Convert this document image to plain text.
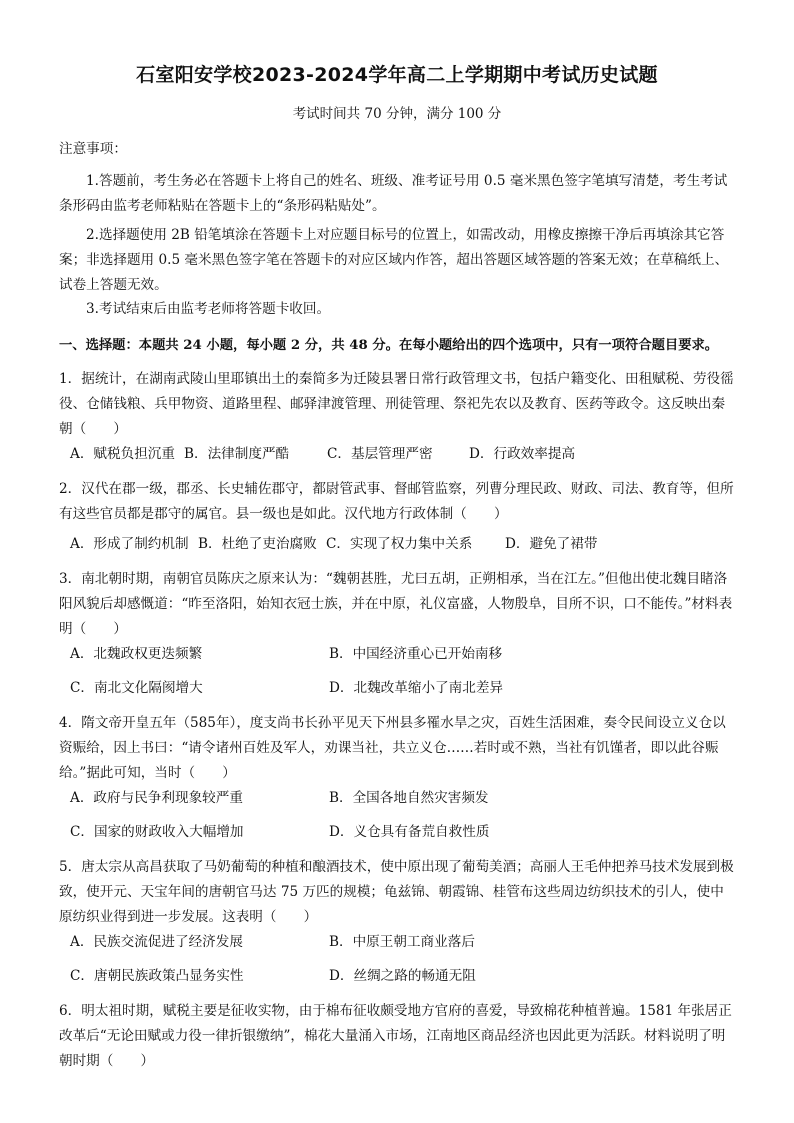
石室阳安学校2023-2024学年高二上学期期中考试历史试题
考试时间共 70 分钟，满分 100 分
注意事项：
1.答题前，考生务必在答题卡上将自己的姓名、班级、准考证号用 0.5 毫米黑色签字笔填写清楚，考生考试条形码由监考老师粘贴在答题卡上的“条形码粘贴处”。
2.选择题使用 2B 铅笔填涂在答题卡上对应题目标号的位置上，如需改动，用橡皮擦擦干净后再填涂其它答案；非选择题用 0.5 毫米黑色签字笔在答题卡的对应区域内作答，超出答题区域答题的答案无效；在草稿纸上、试卷上答题无效。
3.考试结束后由监考老师将答题卡收回。
一、选择题：本题共 24 小题，每小题 2 分，共 48 分。在每小题给出的四个选项中，只有一项符合题目要求。
1．据统计，在湖南武陵山里耶镇出土的秦简多为迁陵县署日常行政管理文书，包括户籍变化、田租赋税、劳役徭役、仓储钱粮、兵甲物资、道路里程、邮驿津渡管理、刑徒管理、祭祀先农以及教育、医药等政令。这反映出秦朝（　　）
A．赋税负担沉重 B．法律制度严酷	C．基层管理严密	D．行政效率提高
2．汉代在郡一级，郡丞、长史辅佐郡守，都尉管武事、督邮管监察，列曹分理民政、财政、司法、教育等，但所有这些官员都是郡守的属官。县一级也是如此。汉代地方行政体制（　　）
A．形成了制约机制 B．杜绝了吏治腐败 C．实现了权力集中关系 D．避免了裙带
3．南北朝时期，南朝官员陈庆之原来认为：“魏朝甚胜，尤曰五胡，正朔相承，当在江左。”但他出使北魏目睹洛阳风貌后却感慨道：“昨至洛阳，始知衣冠士族，并在中原，礼仪富盛，人物殷阜，目所不识，口不能传。”材料表明（　　）
A．北魏政权更迭频繁	B．中国经济重心已开始南移
C．南北文化隔阂增大	D．北魏改革缩小了南北差异
4．隋文帝开皇五年（585年），度支尚书长孙平见天下州县多罹水旱之灾，百姓生活困难，奏令民间设立义仓以资赈给，因上书曰：“请令诸州百姓及军人，劝课当社，共立义仓……若时或不熟，当社有饥馑者，即以此谷赈给。”据此可知，当时（　　）
A．政府与民争利现象较严重	B．全国各地自然灾害频发
C．国家的财政收入大幅增加	D．义仓具有备荒自救性质
5．唐太宗从高昌获取了马奶葡萄的种植和酿酒技术，使中原出现了葡萄美酒；高丽人王毛仲把养马技术发展到极致，使开元、天宝年间的唐朝官马达 75 万匹的规模；龟兹锦、朝霞锦、桂管布这些周边纺织技术的引人，使中原纺织业得到进一步发展。这表明（　　）
A．民族交流促进了经济发展	B．中原王朝工商业落后
C．唐朝民族政策凸显务实性	D．丝绸之路的畅通无阻
6．明太祖时期，赋税主要是征收实物，由于棉布征收颇受地方官府的喜爱，导致棉花种植普遍。1581 年张居正改革后“无论田赋或力役一律折银缴纳”，棉花大量涌入市场，江南地区商品经济也因此更为活跃。材料说明了明朝时期（　　）
